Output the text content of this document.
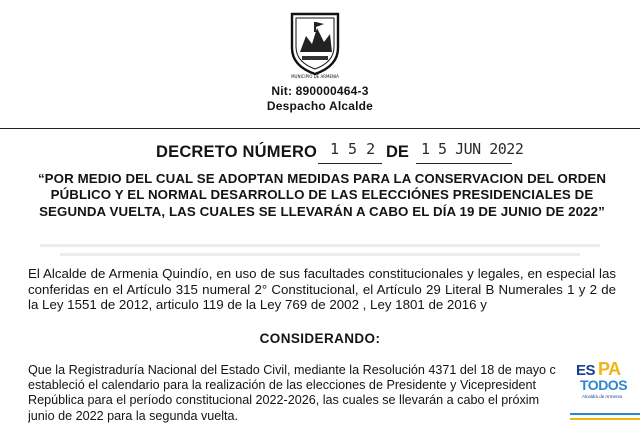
MUNICIPIO DE ARMENIA
Nit: 890000464-3
Despacho Alcalde
DECRETO NÚMERO 1 5 2 DE 1 5 JUN 2022
“POR MEDIO DEL CUAL SE ADOPTAN MEDIDAS PARA LA CONSERVACION DEL ORDEN PÚBLICO Y EL NORMAL DESARROLLO DE LAS ELECCIÓNES PRESIDENCIALES DE SEGUNDA VUELTA, LAS CUALES SE LLEVARÁN A CABO EL DÍA 19 DE JUNIO DE 2022”
El Alcalde de Armenia Quindío, en uso de sus facultades constitucionales y legales, en especial las conferidas en el Artículo 315 numeral 2° Constitucional, el Artículo 29 Literal B Numerales 1 y 2 de la Ley 1551 de 2012, articulo 119 de la Ley 769 de 2002 , Ley 1801 de 2016 y
CONSIDERANDO:
Que la Registraduría Nacional del Estado Civil, mediante la Resolución 4371 del 18 de mayo c
estableció el calendario para la realización de las elecciones de Presidente y Vicepresident
República para el período constitucional 2022-2026, las cuales se llevarán a cabo el próxim
junio de 2022 para la segunda vuelta.
ES PA
TODOS
Alcaldía de Armenia
